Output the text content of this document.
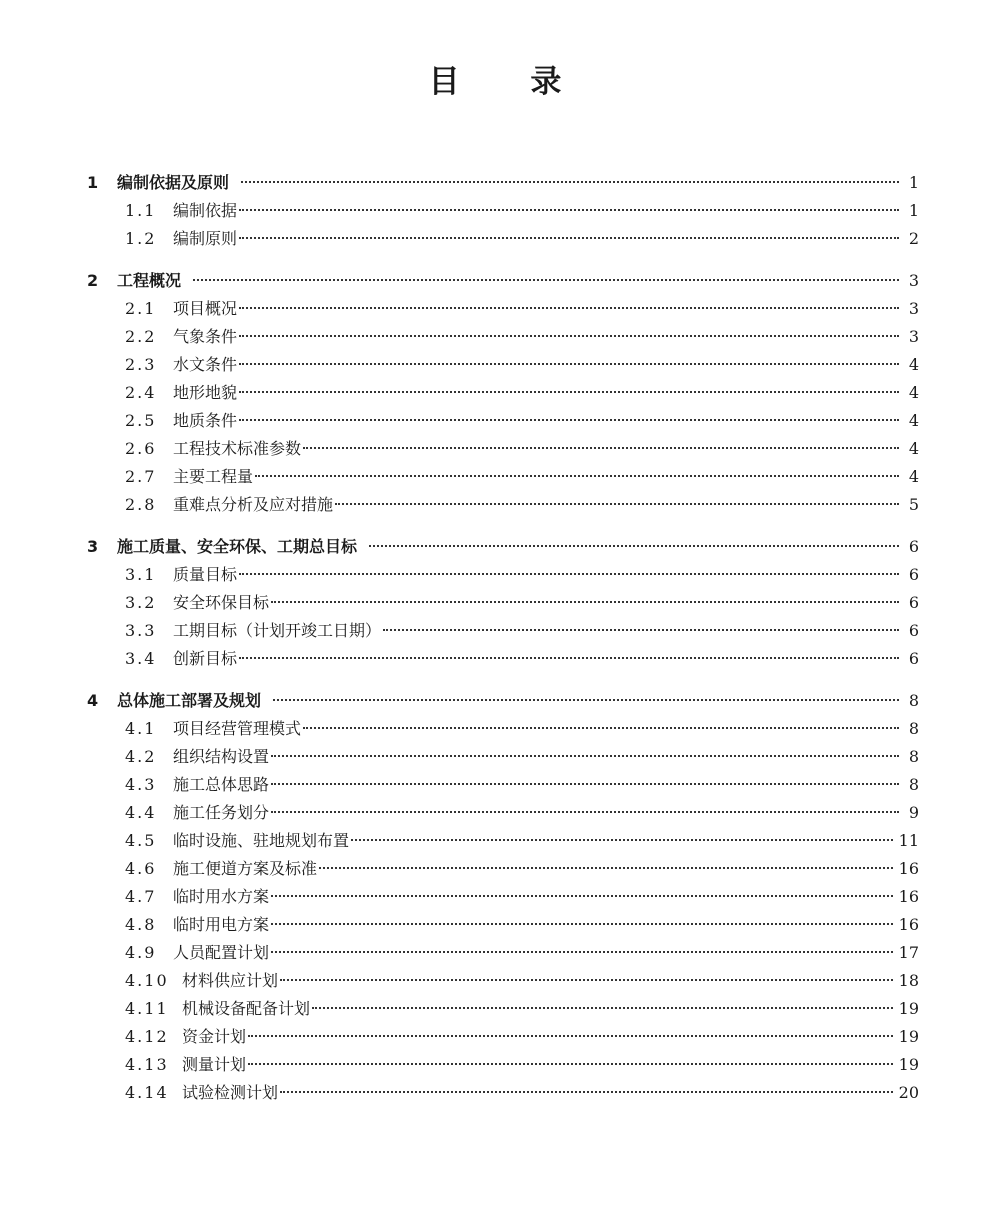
目 录
1	编制依据及原则	1
1.1	编制依据	1
1.2	编制原则	2
2	工程概况	3
2.1	项目概况	3
2.2	气象条件	3
2.3	水文条件	4
2.4	地形地貌	4
2.5	地质条件	4
2.6	工程技术标准参数	4
2.7	主要工程量	4
2.8	重难点分析及应对措施	5
3	施工质量、安全环保、工期总目标	6
3.1	质量目标	6
3.2	安全环保目标	6
3.3	工期目标（计划开竣工日期）	6
3.4	创新目标	6
4	总体施工部署及规划	8
4.1	项目经营管理模式	8
4.2	组织结构设置	8
4.3	施工总体思路	8
4.4	施工任务划分	9
4.5	临时设施、驻地规划布置	11
4.6	施工便道方案及标准	16
4.7	临时用水方案	16
4.8	临时用电方案	16
4.9	人员配置计划	17
4.10 材料供应计划	18
4.11 机械设备配备计划	19
4.12 资金计划	19
4.13 测量计划	19
4.14 试验检测计划	20
